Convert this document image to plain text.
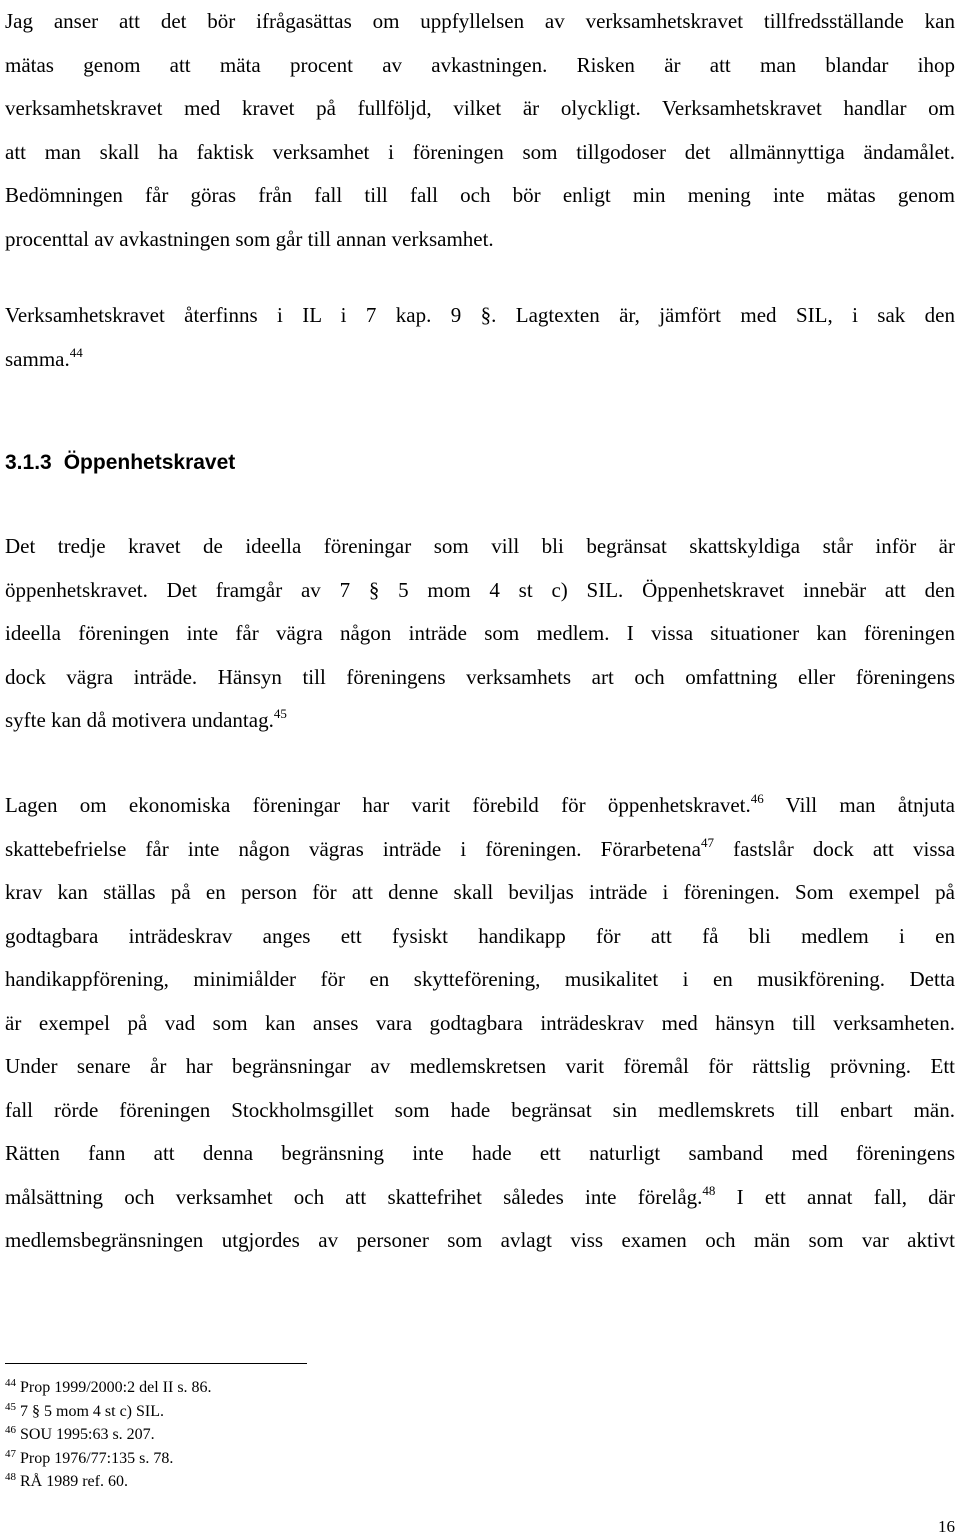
Jag anser att det bör ifrågasättas om uppfyllelsen av verksamhetskravet tillfredsställande kan
mätas genom att mäta procent av avkastningen. Risken är att man blandar ihop
verksamhetskravet med kravet på fullföljd, vilket är olyckligt. Verksamhetskravet handlar om
att man skall ha faktisk verksamhet i föreningen som tillgodoser det allmännyttiga ändamålet.
Bedömningen får göras från fall till fall och bör enligt min mening inte mätas genom
procenttal av avkastningen som går till annan verksamhet.
Verksamhetskravet återfinns i IL i 7 kap. 9 §. Lagtexten är, jämfört med SIL, i sak den
samma.$^{44}$
3.1.3 Öppenhetskravet
Det tredje kravet de ideella föreningar som vill bli begränsat skattskyldiga står inför är
öppenhetskravet. Det framgår av 7 § 5 mom 4 st c) SIL. Öppenhetskravet innebär att den
ideella föreningen inte får vägra någon inträde som medlem. I vissa situationer kan föreningen
dock vägra inträde. Hänsyn till föreningens verksamhets art och omfattning eller föreningens
syfte kan då motivera undantag.$^{45}$
Lagen om ekonomiska föreningar har varit förebild för öppenhetskravet.$^{46}$ Vill man åtnjuta
skattebefrielse får inte någon vägras inträde i föreningen. Förarbetena$^{47}$ fastslår dock att vissa
krav kan ställas på en person för att denne skall beviljas inträde i föreningen. Som exempel på
godtagbara inträdeskrav anges ett fysiskt handikapp för att få bli medlem i en
handikappförening, minimiålder för en skytteförening, musikalitet i en musikförening. Detta
är exempel på vad som kan anses vara godtagbara inträdeskrav med hänsyn till verksamheten.
Under senare år har begränsningar av medlemskretsen varit föremål för rättslig prövning. Ett
fall rörde föreningen Stockholmsgillet som hade begränsat sin medlemskrets till enbart män.
Rätten fann att denna begränsning inte hade ett naturligt samband med föreningens
målsättning och verksamhet och att skattefrihet således inte förelåg.$^{48}$ I ett annat fall, där
medlemsbegränsningen utgjordes av personer som avlagt viss examen och män som var aktivt
$^{44}$ Prop 1999/2000:2 del II s. 86.
$^{45}$ 7 § 5 mom 4 st c) SIL.
$^{46}$ SOU 1995:63 s. 207.
$^{47}$ Prop 1976/77:135 s. 78.
$^{48}$ RÅ 1989 ref. 60.
16
